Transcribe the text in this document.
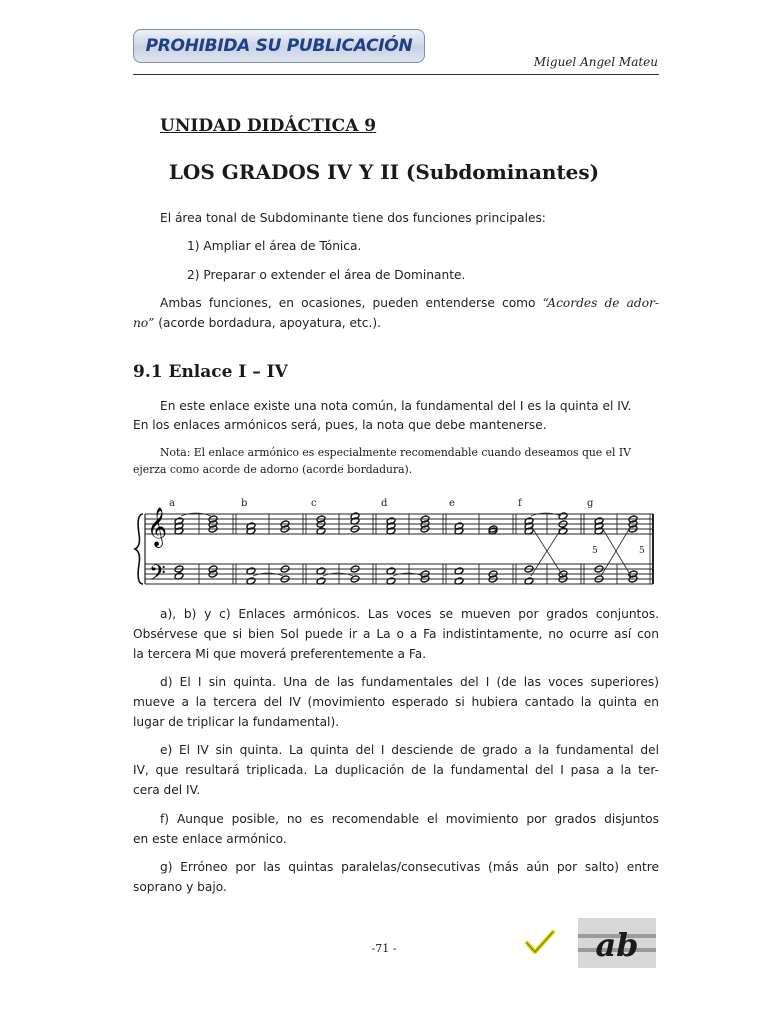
PROHIBIDA SU PUBLICACIÓN
Miguel Angel Mateu
UNIDAD DIDÁCTICA 9
LOS GRADOS IV Y II (Subdominantes)
El área tonal de Subdominante tiene dos funciones principales:
1) Ampliar el área de Tónica.
2) Preparar o extender el área de Dominante.
Ambas funciones, en ocasiones, pueden entenderse como “Acordes de ador-
no” (acorde bordadura, apoyatura, etc.).
9.1 Enlace I – IV
En este enlace existe una nota común, la fundamental del I es la quinta el IV.
En los enlaces armónicos será, pues, la nota que debe mantenerse.
Nota: El enlace armónico es especialmente recomendable cuando deseamos que el IV
ejerza como acorde de adorno (acorde bordadura).
𝄞
𝄢
a	b	c	d	e	f	g
5	5
a), b) y c) Enlaces armónicos. Las voces se mueven por grados conjuntos.
Obsérvese que si bien Sol puede ir a La o a Fa indistintamente, no ocurre así con
la tercera Mi que moverá preferentemente a Fa.
d) El I sin quinta. Una de las fundamentales del I (de las voces superiores)
mueve a la tercera del IV (movimiento esperado si hubiera cantado la quinta en
lugar de triplicar la fundamental).
e) El IV sin quinta. La quinta del I desciende de grado a la fundamental del
IV, que resultará triplicada. La duplicación de la fundamental del I pasa a la ter-
cera del IV.
f) Aunque posible, no es recomendable el movimiento por grados disjuntos
en este enlace armónico.
g) Erróneo por las quintas paralelas/consecutivas (más aún por salto) entre
soprano y bajo.
-71 -	ab
